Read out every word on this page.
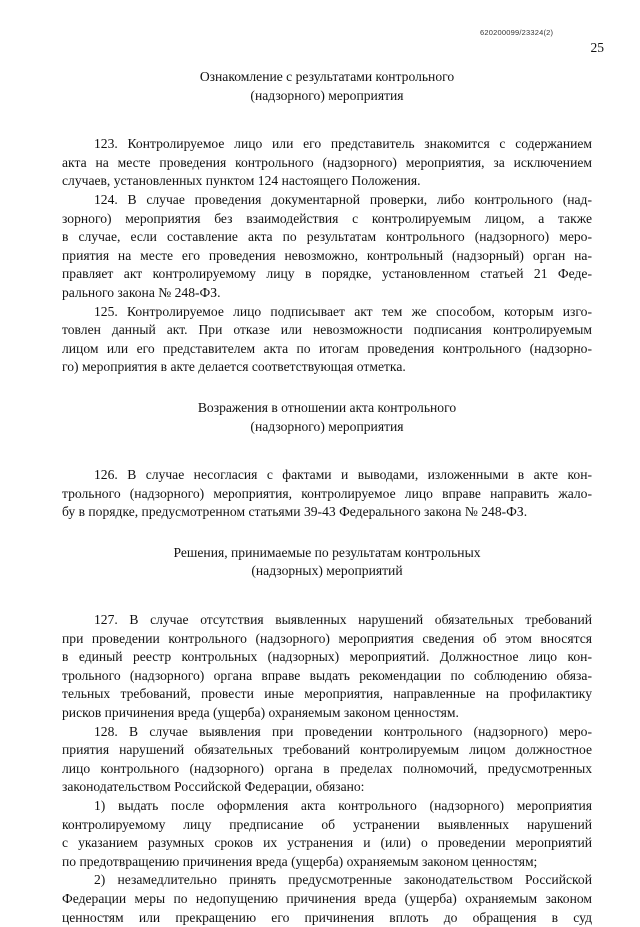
620200099/23324(2)
25
Ознакомление с результатами контрольного
(надзорного) мероприятия
123. Контролируемое лицо или его представитель знакомится с содержанием
акта на месте проведения контрольного (надзорного) мероприятия, за исключением
случаев, установленных пунктом 124 настоящего Положения.
124. В случае проведения документарной проверки, либо контрольного (над-
зорного) мероприятия без взаимодействия с контролируемым лицом, а также
в случае, если составление акта по результатам контрольного (надзорного) меро-
приятия на месте его проведения невозможно, контрольный (надзорный) орган на-
правляет акт контролируемому лицу в порядке, установленном статьей 21 Феде-
рального закона № 248-ФЗ.
125. Контролируемое лицо подписывает акт тем же способом, которым изго-
товлен данный акт. При отказе или невозможности подписания контролируемым
лицом или его представителем акта по итогам проведения контрольного (надзорно-
го) мероприятия в акте делается соответствующая отметка.
Возражения в отношении акта контрольного
(надзорного) мероприятия
126. В случае несогласия с фактами и выводами, изложенными в акте кон-
трольного (надзорного) мероприятия, контролируемое лицо вправе направить жало-
бу в порядке, предусмотренном статьями 39-43 Федерального закона № 248-ФЗ.
Решения, принимаемые по результатам контрольных
(надзорных) мероприятий
127. В случае отсутствия выявленных нарушений обязательных требований
при проведении контрольного (надзорного) мероприятия сведения об этом вносятся
в единый реестр контрольных (надзорных) мероприятий. Должностное лицо кон-
трольного (надзорного) органа вправе выдать рекомендации по соблюдению обяза-
тельных требований, провести иные мероприятия, направленные на профилактику
рисков причинения вреда (ущерба) охраняемым законом ценностям.
128. В случае выявления при проведении контрольного (надзорного) меро-
приятия нарушений обязательных требований контролируемым лицом должностное
лицо контрольного (надзорного) органа в пределах полномочий, предусмотренных
законодательством Российской Федерации, обязано:
1) выдать после оформления акта контрольного (надзорного) мероприятия
контролируемому лицу предписание об устранении выявленных нарушений
с указанием разумных сроков их устранения и (или) о проведении мероприятий
по предотвращению причинения вреда (ущерба) охраняемым законом ценностям;
2) незамедлительно принять предусмотренные законодательством Российской
Федерации меры по недопущению причинения вреда (ущерба) охраняемым законом
ценностям или прекращению его причинения вплоть до обращения в суд
